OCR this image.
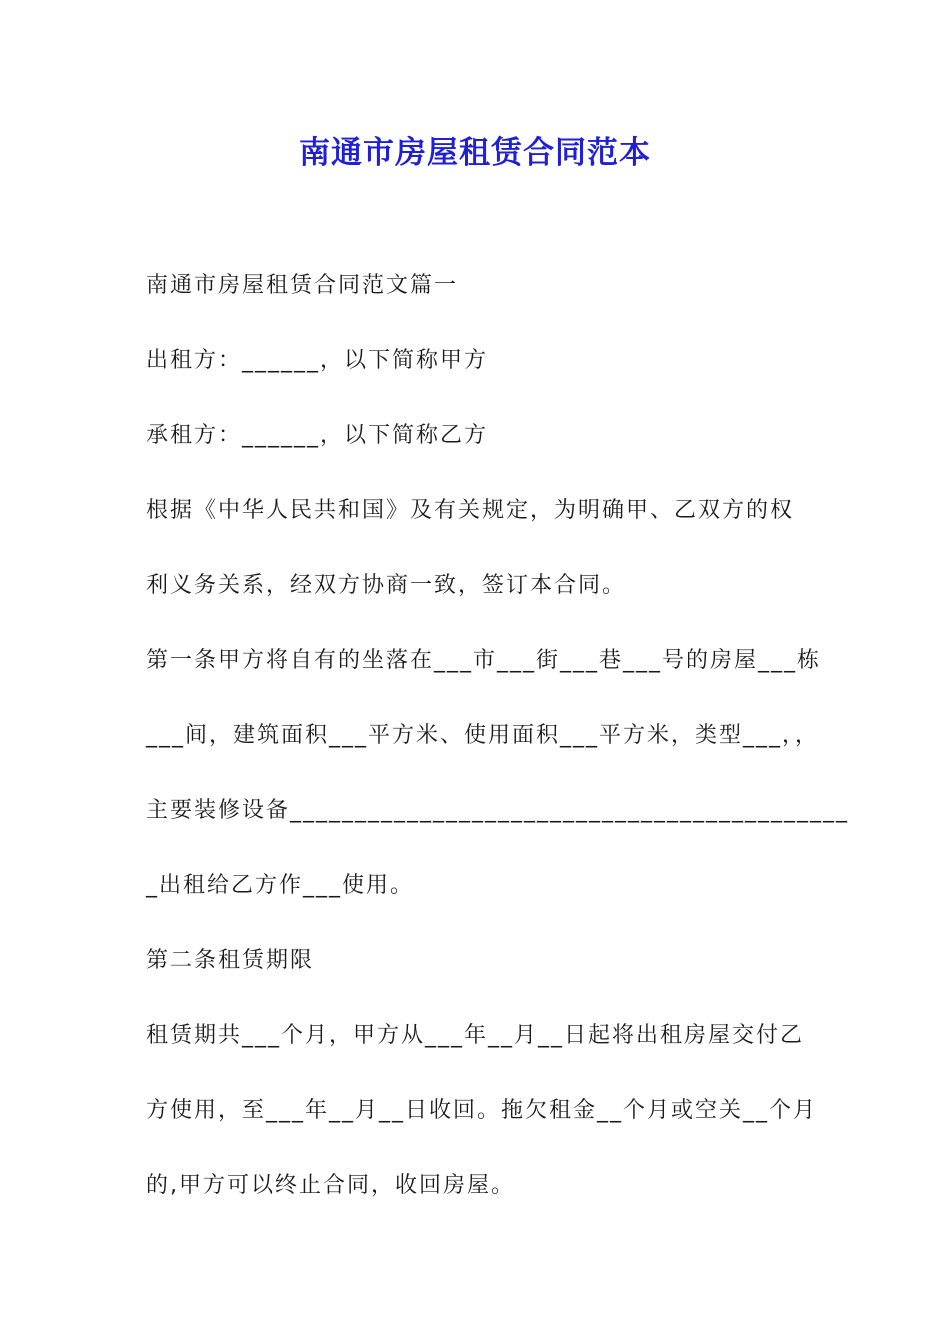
南通市房屋租赁合同范本

南通市房屋租赁合同范文篇一

出租方：______，以下简称甲方

承租方：______，以下简称乙方

根据《中华人民共和国》及有关规定，为明确甲、乙双方的权

利义务关系，经双方协商一致，签订本合同。

第一条甲方将自有的坐落在___市___街___巷___号的房屋___栋

___间，建筑面积___平方米、使用面积___平方米，类型___，，

主要装修设备___________________________________________

_出租给乙方作___使用。

第二条租赁期限

租赁期共___个月，甲方从___年__月__日起将出租房屋交付乙

方使用，至___年__月__日收回。拖欠租金__个月或空关__个月

的,甲方可以终止合同，收回房屋。
